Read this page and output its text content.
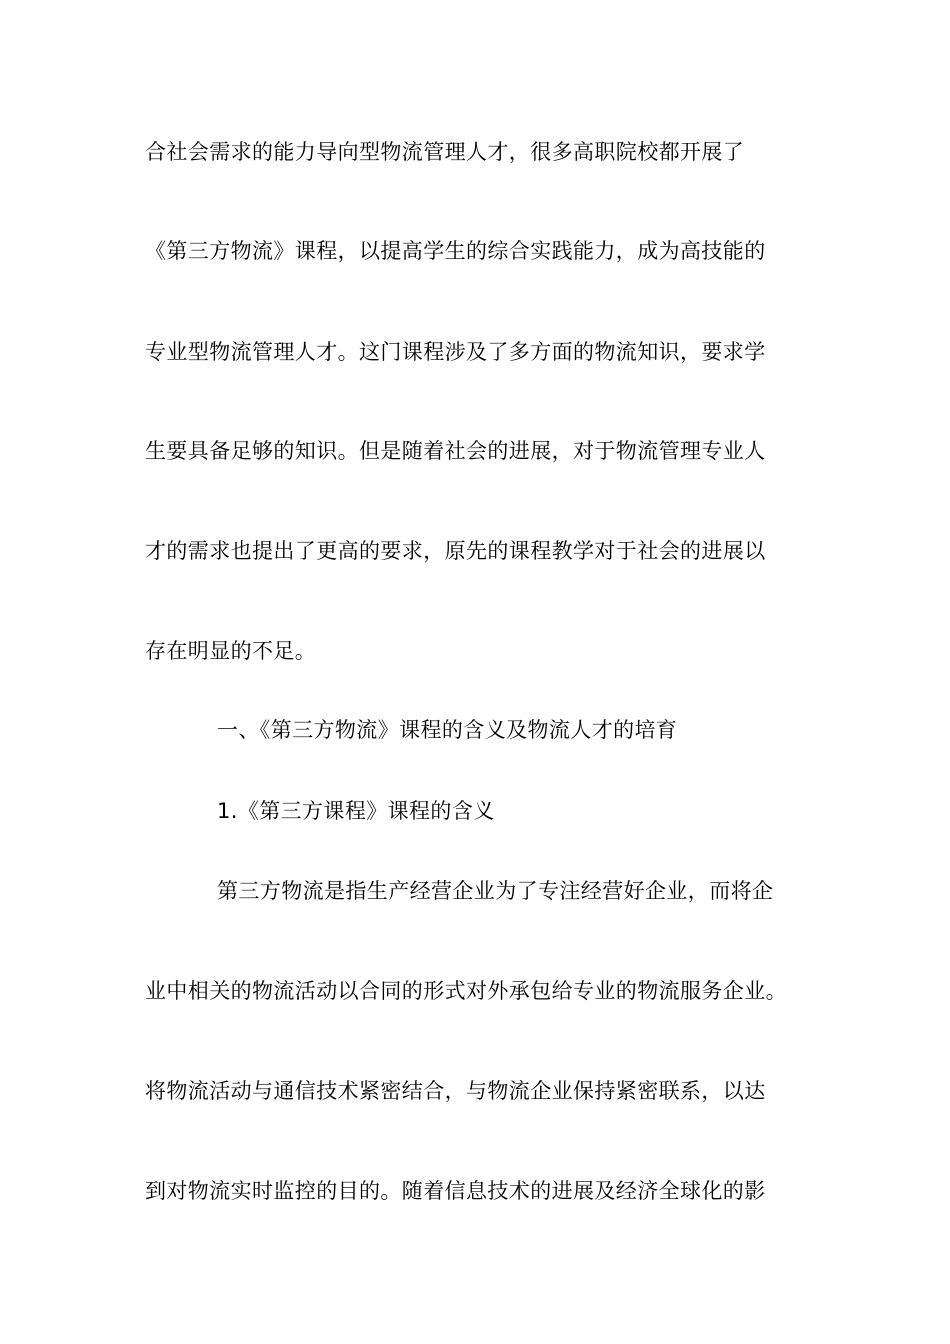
合社会需求的能力导向型物流管理人才，很多高职院校都开展了
《第三方物流》课程，以提高学生的综合实践能力，成为高技能的
专业型物流管理人才。这门课程涉及了多方面的物流知识，要求学
生要具备足够的知识。但是随着社会的进展，对于物流管理专业人
才的需求也提出了更高的要求，原先的课程教学对于社会的进展以
存在明显的不足。
一、《第三方物流》课程的含义及物流人才的培育
1.《第三方课程》课程的含义
第三方物流是指生产经营企业为了专注经营好企业，而将企
业中相关的物流活动以合同的形式对外承包给专业的物流服务企业。
将物流活动与通信技术紧密结合，与物流企业保持紧密联系，以达
到对物流实时监控的目的。随着信息技术的进展及经济全球化的影
